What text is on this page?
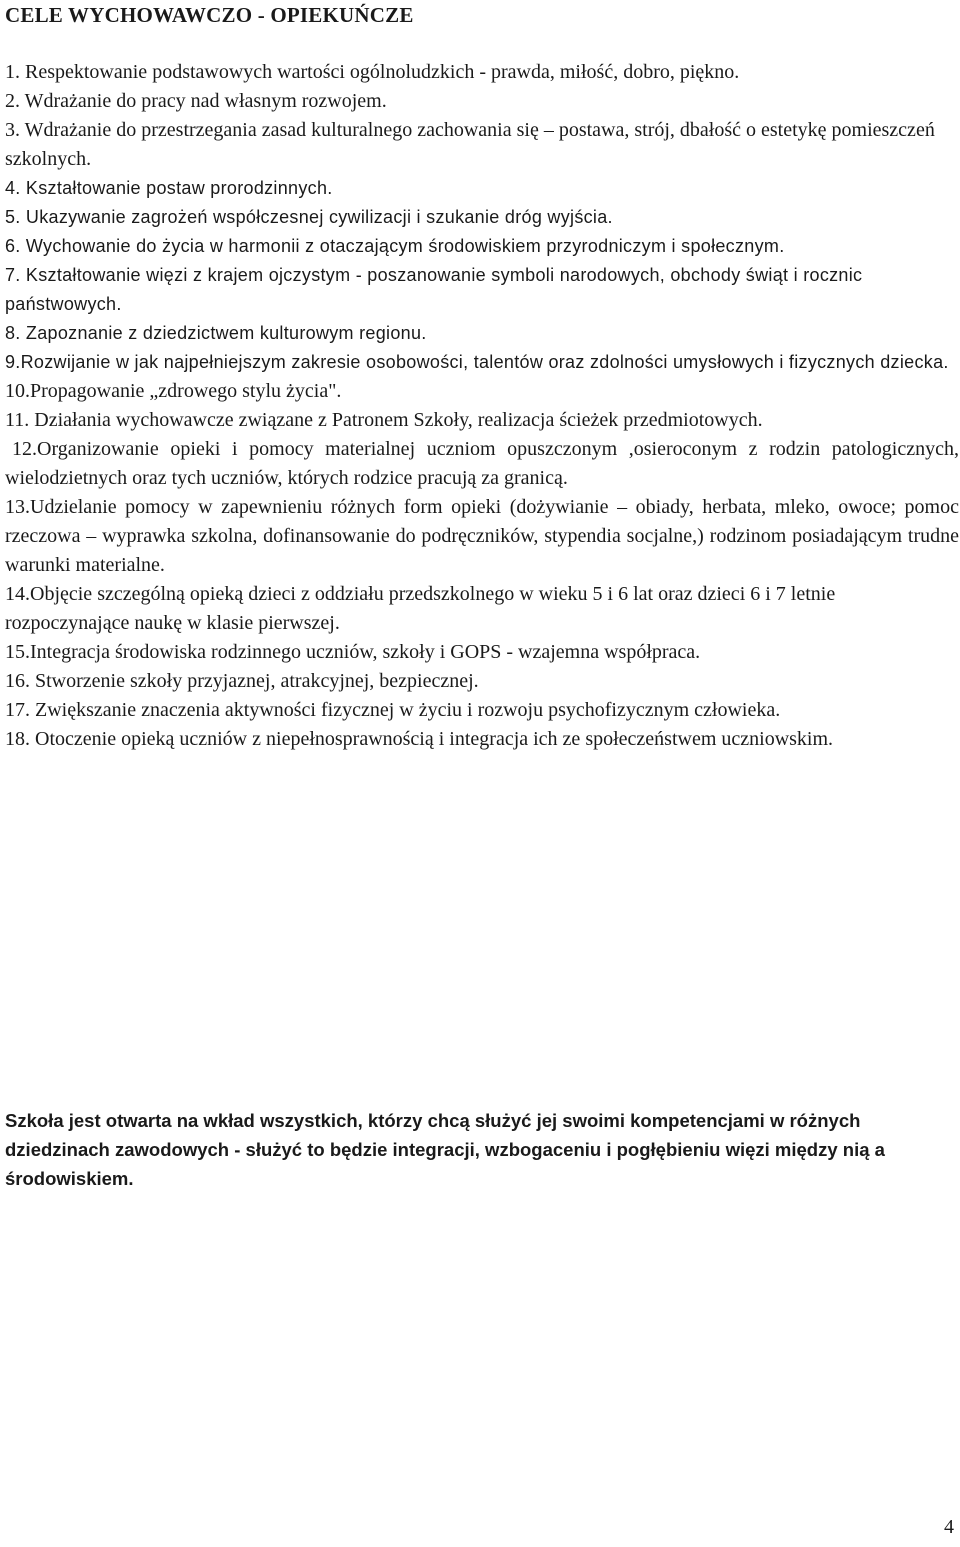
CELE WYCHOWAWCZO - OPIEKUŃCZE

1. Respektowanie podstawowych wartości ogólnoludzkich - prawda, miłość, dobro, piękno.

2. Wdrażanie do pracy nad własnym rozwojem.

3. Wdrażanie do przestrzegania zasad kulturalnego zachowania się – postawa, strój, dbałość o estetykę pomieszczeń szkolnych.

4. Kształtowanie postaw prorodzinnych.

5. Ukazywanie zagrożeń współczesnej cywilizacji i szukanie dróg wyjścia.

6. Wychowanie do życia w harmonii z otaczającym środowiskiem przyrodniczym i społecznym.

7. Kształtowanie więzi z krajem ojczystym - poszanowanie symboli narodowych, obchody świąt i rocznic państwowych.

8. Zapoznanie z dziedzictwem kulturowym regionu.

9.Rozwijanie w jak najpełniejszym zakresie osobowości, talentów oraz zdolności umysłowych i fizycznych dziecka.

10.Propagowanie „zdrowego stylu życia".

11. Działania wychowawcze związane z Patronem Szkoły, realizacja ścieżek przedmiotowych.

12.Organizowanie opieki i pomocy materialnej uczniom opuszczonym ,osieroconym z rodzin patologicznych, wielodzietnych oraz tych uczniów, których rodzice pracują za granicą.

13.Udzielanie pomocy w zapewnieniu różnych form opieki (dożywianie – obiady, herbata, mleko, owoce; pomoc rzeczowa – wyprawka szkolna, dofinansowanie do podręczników, stypendia socjalne,) rodzinom posiadającym trudne warunki materialne.

14.Objęcie szczególną opieką dzieci z oddziału przedszkolnego w wieku 5 i 6 lat oraz dzieci 6 i 7 letnie rozpoczynające naukę w klasie pierwszej.

15.Integracja środowiska rodzinnego uczniów, szkoły i GOPS - wzajemna współpraca.

16. Stworzenie szkoły przyjaznej, atrakcyjnej, bezpiecznej.

17. Zwiększanie znaczenia aktywności fizycznej w życiu i rozwoju psychofizycznym człowieka.

18. Otoczenie opieką uczniów z niepełnosprawnością i integracja ich ze społeczeństwem uczniowskim.

Szkoła jest otwarta na wkład wszystkich, którzy chcą służyć jej swoimi kompetencjami w różnych dziedzinach zawodowych - służyć to będzie integracji, wzbogaceniu i pogłębieniu więzi między nią a środowiskiem.

4
